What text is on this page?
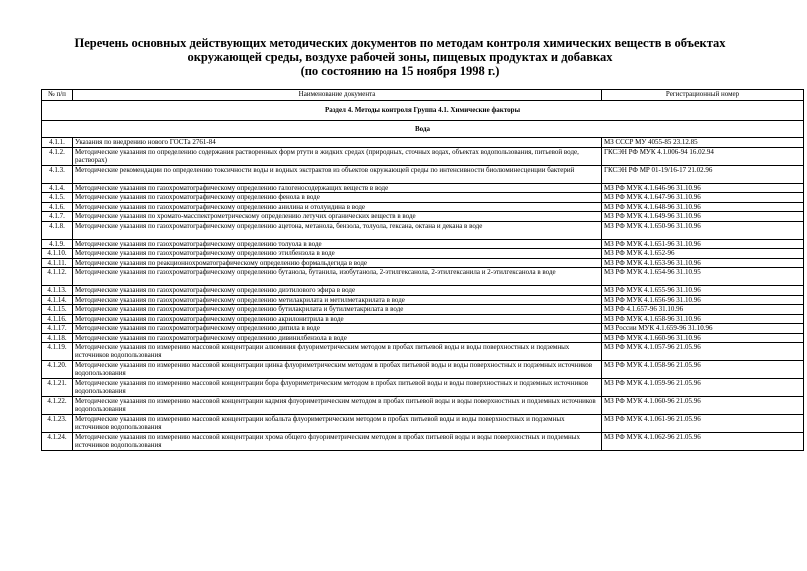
Перечень основных действующих методических документов по методам контроля химических веществ в объектах
окружающей среды, воздухе рабочей зоны, пищевых продуктах и добавках
(по состоянию на 15 ноября 1998 г.)
№ п/п	Наименование документа	Регистрационный номер
Раздел 4. Методы контроля Группа 4.1. Химические факторы		
Вода		
4.1.1.	Указания по внедрению нового ГОСТа 2761-84	МЗ СССР МУ 4055-85 23.12.85
4.1.2.	Методические указания по определению содержания растворенных форм ртути в жидких средах (природных, сточных водах, объектах водопользования, питьевой воде, растворах)	ГКСЭН РФ МУК 4.1.006-94 16.02.94
4.1.3.	Методические рекомендации по определению токсичности воды и водных экстрактов из объектов окружающей среды по интенсивности биолюминесценции бактерий	ГКСЭН РФ МР 01-19/16-17 21.02.96
4.1.4.	Методические указания по газохроматографическому определению галогеносодержащих веществ в воде	МЗ РФ МУК 4.1.646-96 31.10.96
4.1.5.	Методические указания по газохроматографическому определению фенола в воде	МЗ РФ МУК 4.1.647-96 31.10.96
4.1.6.	Методические указания по газохроматографическому определению анилина и отолуидина в воде	МЗ РФ МУК 4.1.648-96 31.10.96
4.1.7.	Методические указания по хромато-масспектрометрическому определению летучих органических веществ в воде	МЗ РФ МУК 4.1.649-96 31.10.96
4.1.8.	Методические указания по газохроматографическому определению ацетона, метанола, бензола, толуола, гексана, октана и декана в воде	МЗ РФ МУК 4.1.650-96 31.10.96
4.1.9.	Методические указания по газохроматографическому определению толуола в воде	МЗ РФ МУК 4.1.651-96 31.10.96
4.1.10.	Методические указания по газохроматографическому определению этилбензола в воде	МЗ РФ МУК 4.1.652-96
4.1.11.	Методические указания по реакционнохроматографическому определению формальдегида в воде	МЗ РФ МУК 4.1.653-96 31.10.96
4.1.12.	Методические указания по газохроматографическому определению бутанола, бутанила, изобутанола, 2-этилгексанола, 2-этилгексанила и 2-этилгексанола в воде	МЗ РФ МУК 4.1.654-96 31.10.95
4.1.13.	Методические указания по газохроматографическому определению диэтилового эфира в воде	МЗ РФ МУК 4.1.655-96 31.10.96
4.1.14.	Методические указания по газохроматографическому определению метилакрилата и метилметакрилата в воде	МЗ РФ МУК 4.1.656-96 31.10.96
4.1.15.	Методические указания по газохроматографическому определению бутилакрилата и бутилметакрилата в воде	МЗ РФ 4.1.657-96 31.10.96
4.1.16.	Методические указания по газохроматографическому определению акрилонитрила в воде	МЗ РФ МУК 4.1.658-96 31.10.96
4.1.17.	Методические указания по газохроматографическому определению дипила в воде	МЗ России МУК 4.1.659-96 31.10.96
4.1.18.	Методические указания по газохроматографическому определению дивинилбензола в воде	МЗ РФ МУК 4.1.660-96 31.10.96
4.1.19.	Методические указания по измерению массовой концентрации алюминия флуориметрическим методом в пробах питьевой воды и воды поверхностных и подземных источников водопользования	МЗ РФ МУК 4.1.057-96 21.05.96
4.1.20.	Методические указания по измерению массовой концентрации цинка флуориметрическим методом в пробах питьевой воды и воды поверхностных и подземных источников водопользования	МЗ РФ МУК 4.1.058-96 21.05.96
4.1.21.	Методические указания по измерению массовой концентрации бора флуориметрическим методом в пробах питьевой воды и воды поверхностных и подземных источников водопользования	МЗ РФ МУК 4.1.059-96 21.05.96
4.1.22.	Методические указания по измерению массовой концентрации кадмия флуориметрическим методом в пробах питьевой воды и воды поверхностных и подземных источников водопользования	МЗ РФ МУК 4.1.060-96 21.05.96
4.1.23.	Методические указания по измерению массовой концентрации кобальта флуориметрическим методом в пробах питьевой воды и воды поверхностных и подземных источников водопользования	МЗ РФ МУК 4.1.061-96 21.05.96
4.1.24.	Методические указания по измерению массовой концентрации хрома общего флуориметрическим методом в пробах питьевой воды и воды поверхностных и подземных источников водопользования	МЗ РФ МУК 4.1.062-96 21.05.96
